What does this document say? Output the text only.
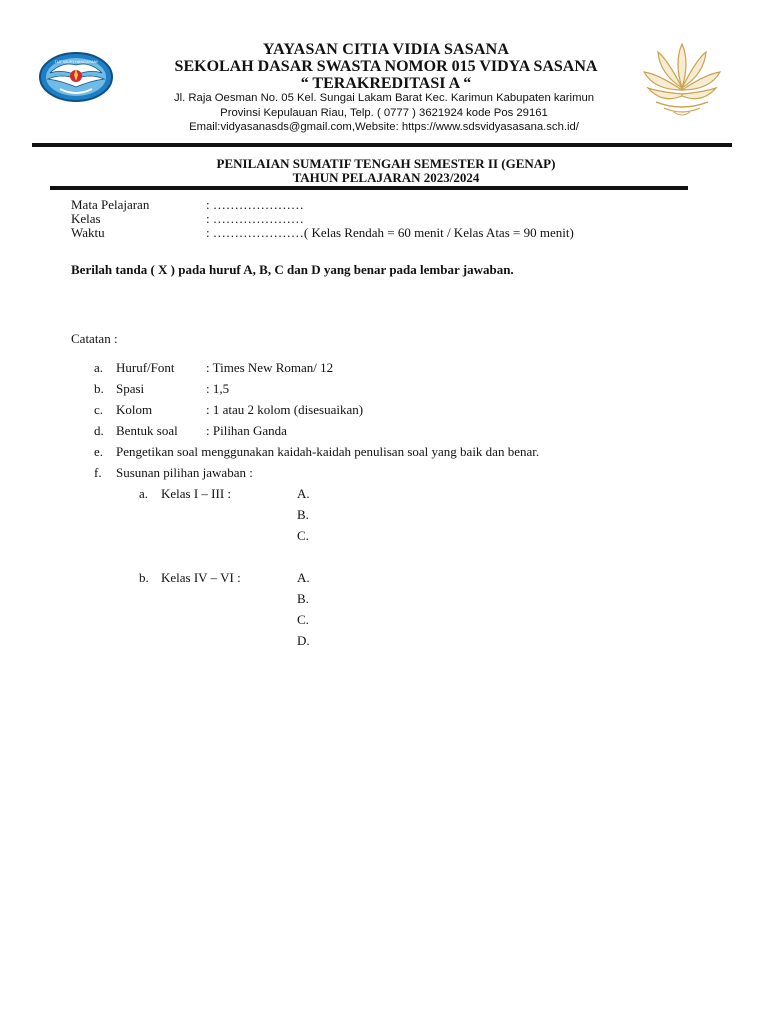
TUT WURI HANDAYANI
YAYASAN CITIA VIDIA SASANA
SEKOLAH DASAR SWASTA NOMOR 015 VIDYA SASANA
“ TERAKREDITASI A “
Jl. Raja Oesman No. 05 Kel. Sungai Lakam Barat Kec. Karimun Kabupaten karimun
Provinsi Kepulauan Riau, Telp. ( 0777 ) 3621924 kode Pos 29161
Email:vidyasanasds@gmail.com,Website: https://www.sdsvidyasasana.sch.id/
PENILAIAN SUMATIF TENGAH SEMESTER II (GENAP)
TAHUN PELAJARAN 2023/2024
Mata Pelajaran	: …………………
Kelas	: …………………
Waktu	: …………………( Kelas Rendah = 60 menit / Kelas Atas = 90 menit)
Berilah tanda ( X ) pada huruf A, B, C dan D yang benar pada lembar jawaban.
Catatan :
a. Huruf/Font : Times New Roman/ 12
b. Spasi	: 1,5
c. Kolom	: 1 atau 2 kolom (disesuaikan)
d. Bentuk soal : Pilihan Ganda
e. Pengetikan soal menggunakan kaidah-kaidah penulisan soal yang baik dan benar.
f. Susunan pilihan jawaban :
a. Kelas I – III :	A.
B.
C.
b. Kelas IV – VI :	A.
B.
C.
D.
